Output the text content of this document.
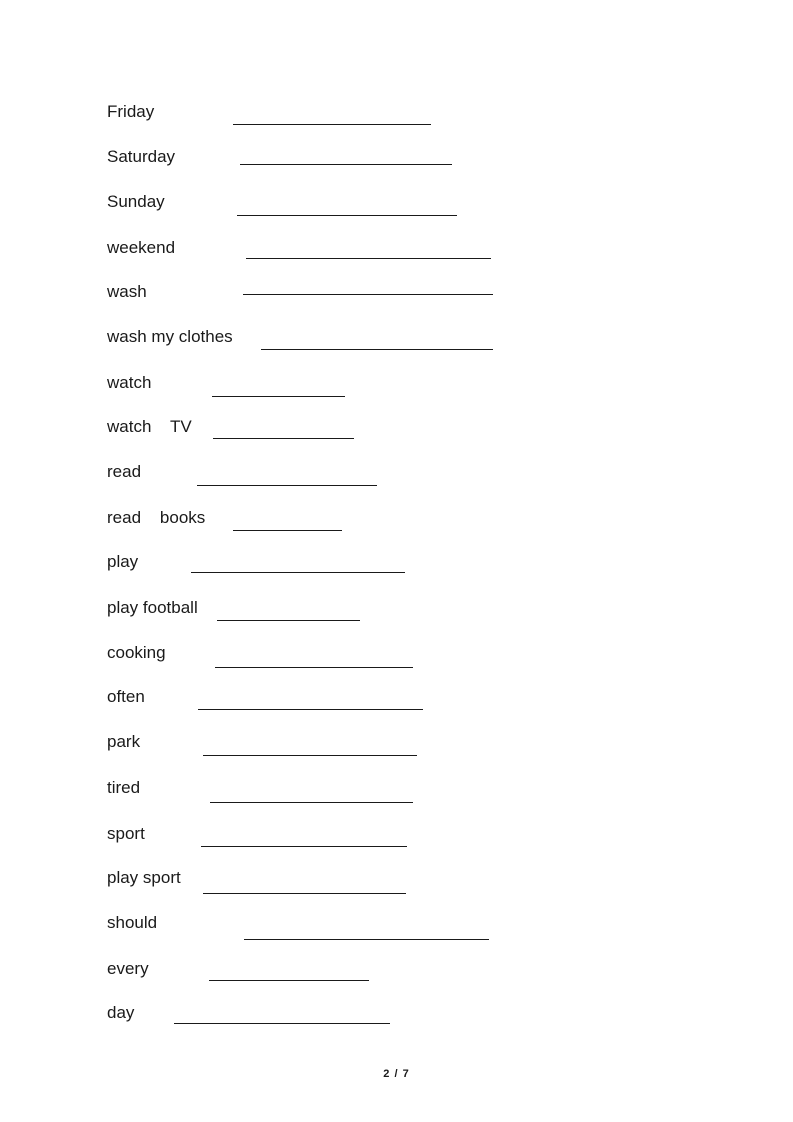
Friday
Saturday
Sunday
weekend
wash
wash my clothes
watch
watch    TV
read
read    books
play
play football
cooking
often
park
tired
sport
play sport
should
every
day
2 / 7
